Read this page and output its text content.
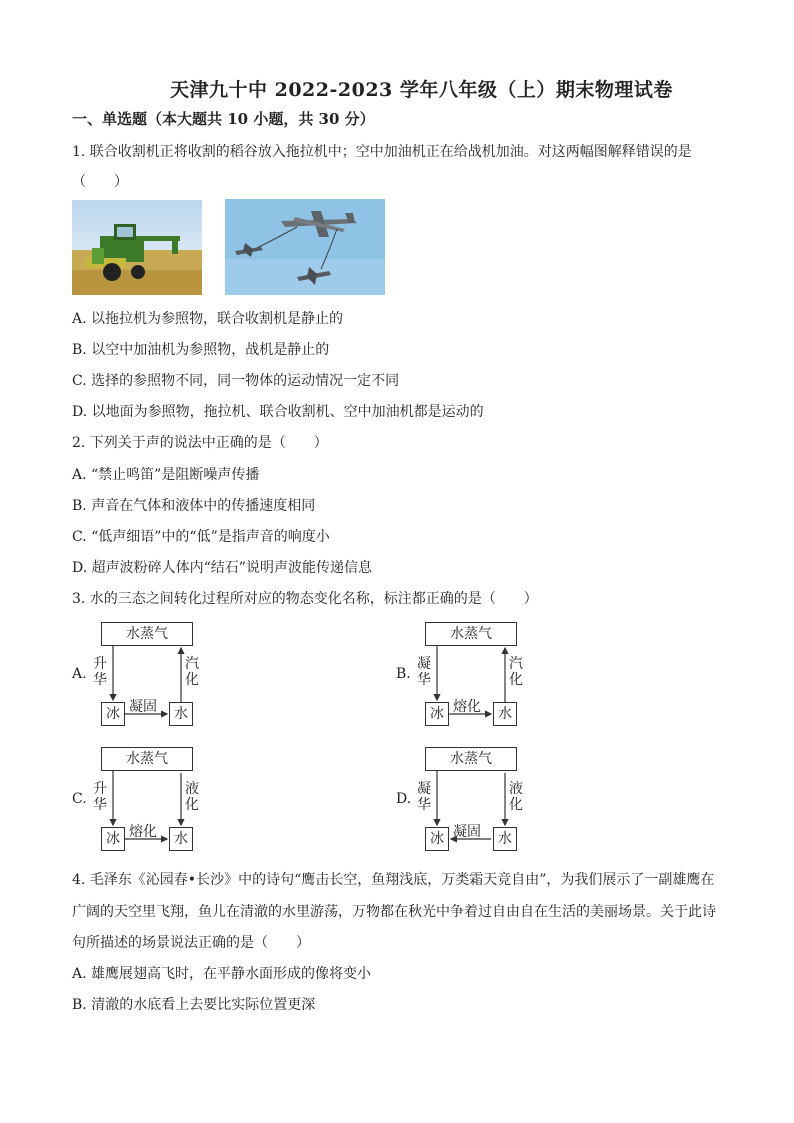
天津九十中 2022-2023 学年八年级（上）期末物理试卷
一、单选题（本大题共 10 小题，共 30 分）
1. 联合收割机正将收割的稻谷放入拖拉机中；空中加油机正在给战机加油。对这两幅图解释错误的是
（　　）
A. 以拖拉机为参照物，联合收割机是静止的
B. 以空中加油机为参照物，战机是静止的
C. 选择的参照物不同，同一物体的运动情况一定不同
D. 以地面为参照物，拖拉机、联合收割机、空中加油机都是运动的
2. 下列关于声的说法中正确的是（　　）
A. “禁止鸣笛”是阻断噪声传播
B. 声音在气体和液体中的传播速度相同
C. “低声细语”中的“低”是指声音的响度小
D. 超声波粉碎人体内“结石”说明声波能传递信息
3. 水的三态之间转化过程所对应的物态变化名称，标注都正确的是（　　）
A.
水蒸气
冰	水
升
华
汽
化
凝固
B.
水蒸气
冰	水
凝
华
汽
化
熔化
C.
水蒸气
冰	水
升
华
液
化
熔化
D.
水蒸气
冰	水
凝
华
液
化
凝固
4. 毛泽东《沁园春•长沙》中的诗句“鹰击长空，鱼翔浅底，万类霜天竞自由”，为我们展示了一副雄鹰在
广阔的天空里飞翔，鱼儿在清澈的水里游荡，万物都在秋光中争着过自由自在生活的美丽场景。关于此诗
句所描述的场景说法正确的是（　　）
A. 雄鹰展翅高飞时，在平静水面形成的像将变小
B. 清澈的水底看上去要比实际位置更深
